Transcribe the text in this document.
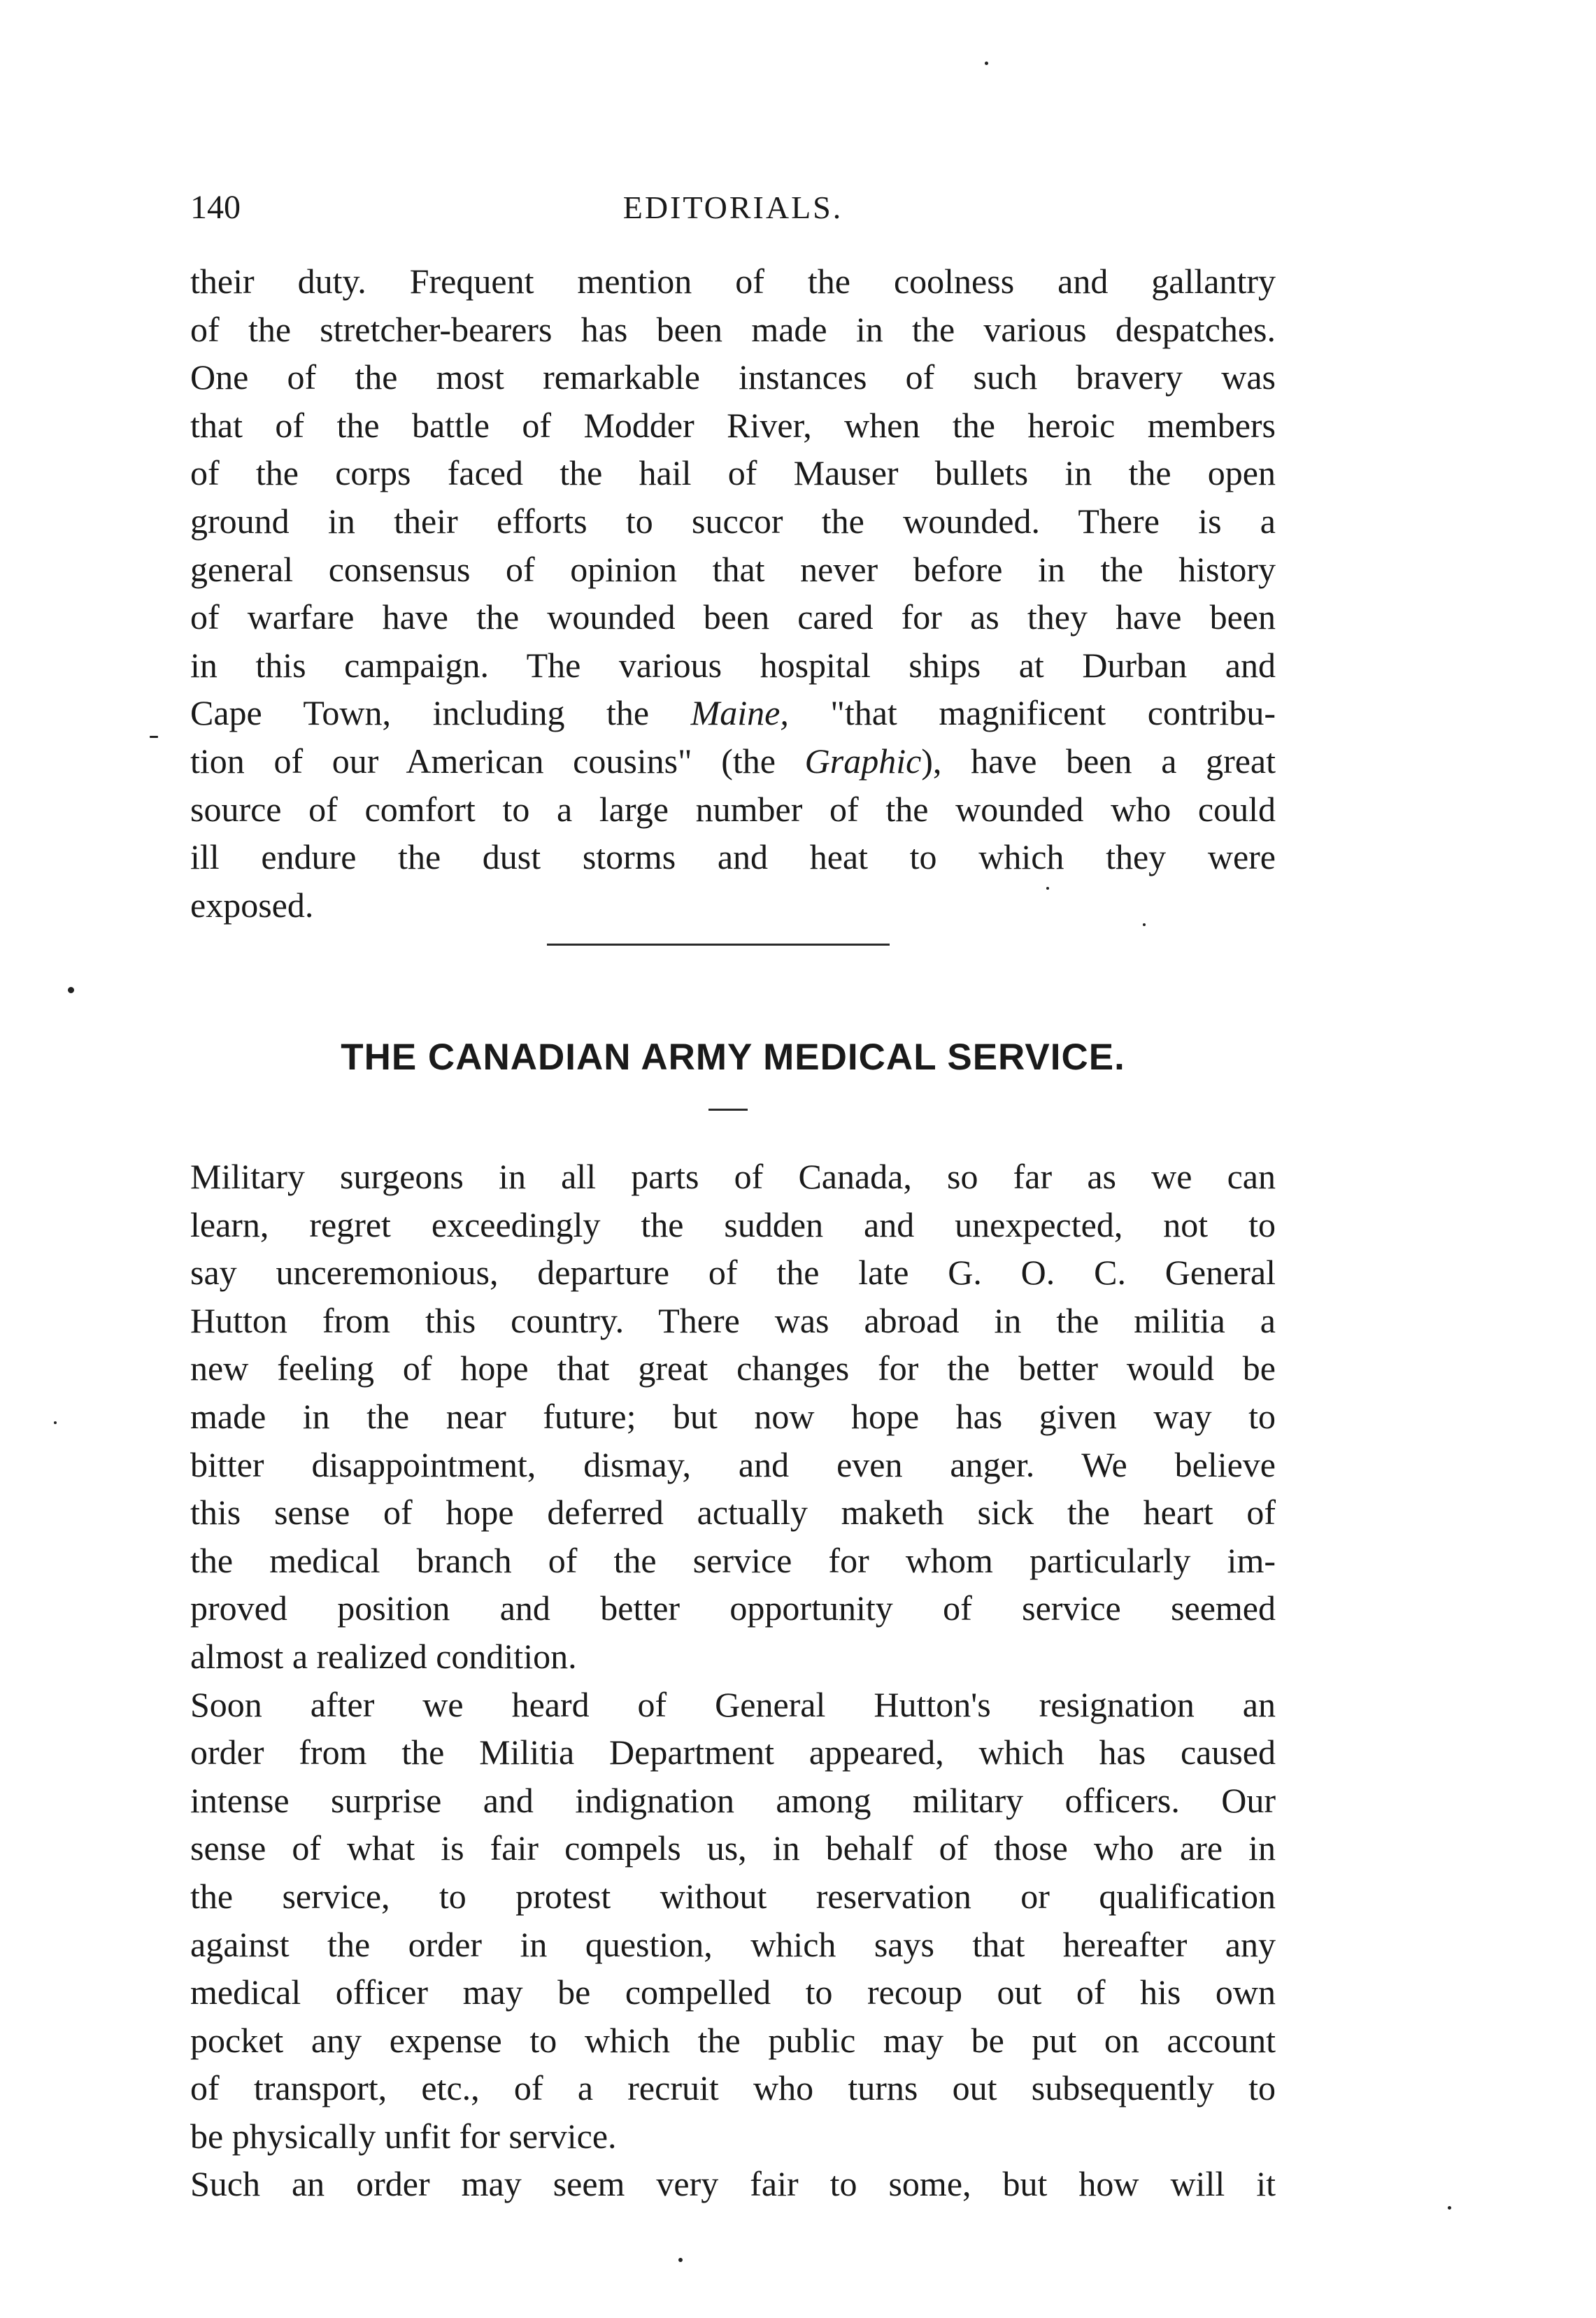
140	EDITORIALS.
their duty. Frequent mention of the coolness and gallantry
of the stretcher-bearers has been made in the various despatches.
One of the most remarkable instances of such bravery was
that of the battle of Modder River, when the heroic members
of the corps faced the hail of Mauser bullets in the open
ground in their efforts to succor the wounded. There is a
general consensus of opinion that never before in the history
of warfare have the wounded been cared for as they have been
in this campaign. The various hospital ships at Durban and
Cape Town, including the Maine, "that magnificent contribu-
tion of our American cousins" (the Graphic), have been a great
source of comfort to a large number of the wounded who could
ill endure the dust storms and heat to which they were
exposed.
THE CANADIAN ARMY MEDICAL SERVICE.
Military surgeons in all parts of Canada, so far as we can
learn, regret exceedingly the sudden and unexpected, not to
say unceremonious, departure of the late G. O. C. General
Hutton from this country. There was abroad in the militia a
new feeling of hope that great changes for the better would be
made in the near future; but now hope has given way to
bitter disappointment, dismay, and even anger. We believe
this sense of hope deferred actually maketh sick the heart of
the medical branch of the service for whom particularly im-
proved position and better opportunity of service seemed
almost a realized condition.
Soon after we heard of General Hutton's resignation an
order from the Militia Department appeared, which has caused
intense surprise and indignation among military officers. Our
sense of what is fair compels us, in behalf of those who are in
the service, to protest without reservation or qualification
against the order in question, which says that hereafter any
medical officer may be compelled to recoup out of his own
pocket any expense to which the public may be put on account
of transport, etc., of a recruit who turns out subsequently to
be physically unfit for service.
Such an order may seem very fair to some, but how will it
